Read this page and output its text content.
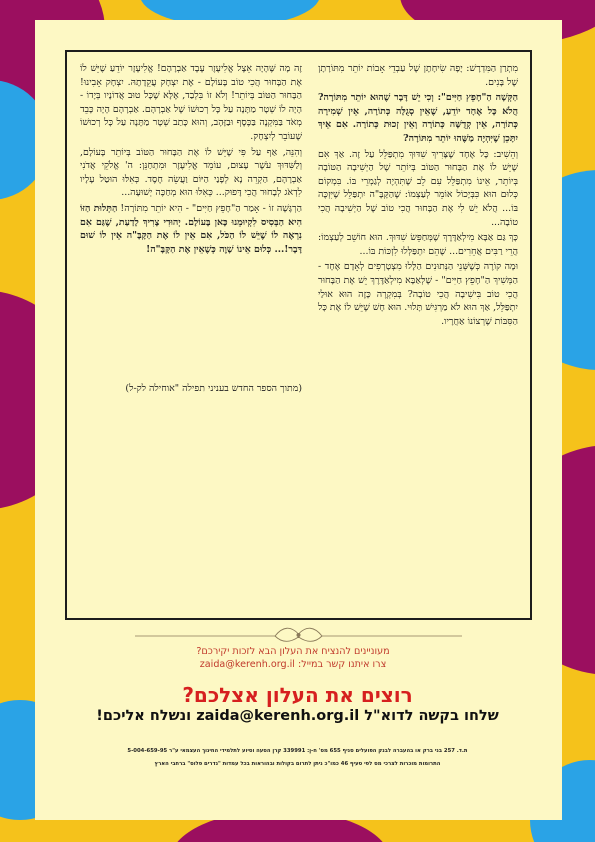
מִתְרַן הַמִּדְרָשׁ: יָפָה שִׂיחָתָן שֶׁל עַבְדֵי אָבוֹת יוֹתֵר מִתּוֹרָתָן שֶׁל בָּנִים.

הַקְּשָׁה הַ"חָפֵץ חַיִּים": וְכִי יֵשׁ דָּבָר שֶׁהוּא יוֹתֵר מִתּוֹרָה? הֲלֹא כָּל אֶחָד יוֹדֵעַ, שֶׁאֵין סְגֻלָּה כְּתוֹרָה, אֵין שְׁמִירָה כְּתוֹרָה, אֵין קְדֻשָּׁה כְּתוֹרָה וְאֵין זְכוּת כְּתוֹרָה. אִם אֵיךְ יִתָּכֵן שֶׁיִּהְיֶה מַשֶּׁהוּ יוֹתֵר מִתּוֹרָה?

וְהֵשִׁיב: כָּל אֶחָד שֶׁצָּרִיךְ שִׁדּוּךְ מִתְפַּלֵּל עַל זֶה. אַךְ אִם שֶׁיֵּשׁ לוֹ אֶת הַבָּחוּר הַטּוֹב בְּיוֹתֵר שֶׁל הַיְשִׁיבָה הַטּוֹבָה בְּיוֹתֵר, אֵינוֹ מִתְפַּלֵּל עִם לֵב שֶׁתִּהְיֶה לְגַמְרֵי בּוֹ. בִּמְקוֹם כְּלוּם הוּא כִּבְּיָכוֹל אוֹמֵר לְעַצְמוֹ: שֶׁהַקָּבָּ"ה יִתְפַּלֵּל שֶׁיִּזְכֶּה בּוֹ... הֲלֹא יֵשׁ לִי אֶת הַבָּחוּר הֲכִי טוֹב שֶׁל הַיְשִׁיבָה הֲכִי טוֹבָה...

כָּךְ גַּם אַבָּא מִילְאַדֶּרֶךְ שֶׁמְּחַפֵּשׂ שִׁדּוּךְ. הוּא חוֹשֵׁב לְעַצְמוֹ: הֲרֵי רַבִּים אֲחֵרִים... שֶׁהֵם יִתְפַּלְּלוּ לִזְכּוֹת בּוֹ...

וּמָה קוֹרֶה כְּשֶׁשְּׁנֵי הַנְּתוּנִים הַלָּלוּ מִצְטָרְפִים לְאָדָם אֶחָד - הַמְּשִׁיךְ הַ"חָפֵץ חַיִּים" - שֶׁלְּאַבָּא מִילְאַדֶּרֶךְ יֵשׁ אֶת הַבָּחוּר הֲכִי טוֹב בִּישִׁיבָה הֲכִי טוֹבָה? בְּמִקְרֶה כָּזֶה הוּא אוּלַי יִתְפַּלֵּל, אַךְ הוּא לֹא מַרְגִּישׁ תָּלוּי. הוּא חָשׁ שֶׁיֵּשׁ לוֹ אֶת כָּל הַסִּבּוֹת שֶׁרְצוֹנוֹ אַחֲרָיו.

זֶה מָה שֶּׁהָיָה אֵצֶל אֱלִיעֶזֶר עֶבֶד אַבְרָהָם! אֱלִיעֶזֶר יוֹדֵעַ שֶׁיֵּשׁ לוֹ אֶת הַבָּחוּר הֲכִי טוֹב בָּעוֹלָם - אֶת יִצְחָק עֲקֵדָתָהּ. יִצְחָק אָבִינוּ! הַבָּחוּר הַטּוֹב בְּיוֹתֵר! וְלֹא זוֹ בִּלְבַד, אֶלָּא שֶׁכָּל טוּב אֲדוֹנָיו בְּיָדוֹ - הָיָה לוֹ שְׁטָר מַתָּנָה עַל כָּל רְכוּשׁוֹ שֶׁל אַבְרָהָם. אַבְרָהָם הָיָה כָּבֵד מְאֹד בַּמִּקְנֶה בַּכֶּסֶף וּבַזָּהָב, וְהוּא כָּתַב שְׁטָר מַתָּנָה עַל כָּל רְכוּשׁוֹ שֶׁעוֹבֵר לְיִצְחָק.

וְהִנֵּה, אַף עַל פִּי שֶׁיֵּשׁ לוֹ אֶת הַבָּחוּר הַטּוֹב בְּיוֹתֵר בָּעוֹלָם, וְלַשִּׁדּוּךְ עֹשֶׁר עָצוּם, עוֹמֵד אֱלִיעֶזֶר וּמִתְחַנֵּן: ה' אֱלֹקֵי אֲדֹנִי אַבְרָהָם, הַקְרֵה נָא לְפָנַי הַיּוֹם וַעֲשֵׂה חֶסֶד. כְּאִלּוּ הוּטַל עָלָיו לִדְאֹג לְבָחוּר הֲכִי דָּפוּק... כְּאִלּוּ הוּא מְחַכֶּה יְשׁוּעָה...

הַרְגָּשָׁה זוֹ - אָמַר הַ"חָפֵץ חַיִּים" - הִיא יוֹתֵר מִתּוֹרָה! הַתְּלוּת הַזּוֹ הִיא הַבְּסִיס לִקְיוּמֵנוּ כָּאן בָּעוֹלָם. יְהוּדִי צָרִיךְ לָדַעַת, שֶׁגַּם אִם נִרְאֶה לוֹ שֶׁיֵּשׁ לוֹ הַכֹּל, אִם אֵין לוֹ אֶת הַקָּבָּ"ה אֵין לוֹ שׁוּם דָּבָר!... כְּלוּם אֵינוֹ שָׁוֶה כְּשֶׁאֵין אֶת הַקָּבָּ"ה!

(מתוך הספר החדש בעניני תפילה "אוחילה לק-ל)

מעוניינים להנציח את העלון הבא לזכות יקירכם?
צרו איתנו קשר במייל: zaida@kerenh.org.il
רוצים את העלון אצלכם?
שלחו בקשה לדוא"ל zaida@kerenh.org.il ונשלח אליכם!
ת.ד. 257 בני ברק או בהעברה לבנק הפועלים סניף 655 מס' ח-ן: 339991 קרן הסעה וסיוע לתלמידי החינוך העצמאי ע"ר 5-004-659-95
התרומות מוכרות לצרכי מס לפי סעיף 46 כמו"כ ניתן לתרום בקולות ובהוראות בכל עמדות "נדרים פלוס" ברחבי הארץ
